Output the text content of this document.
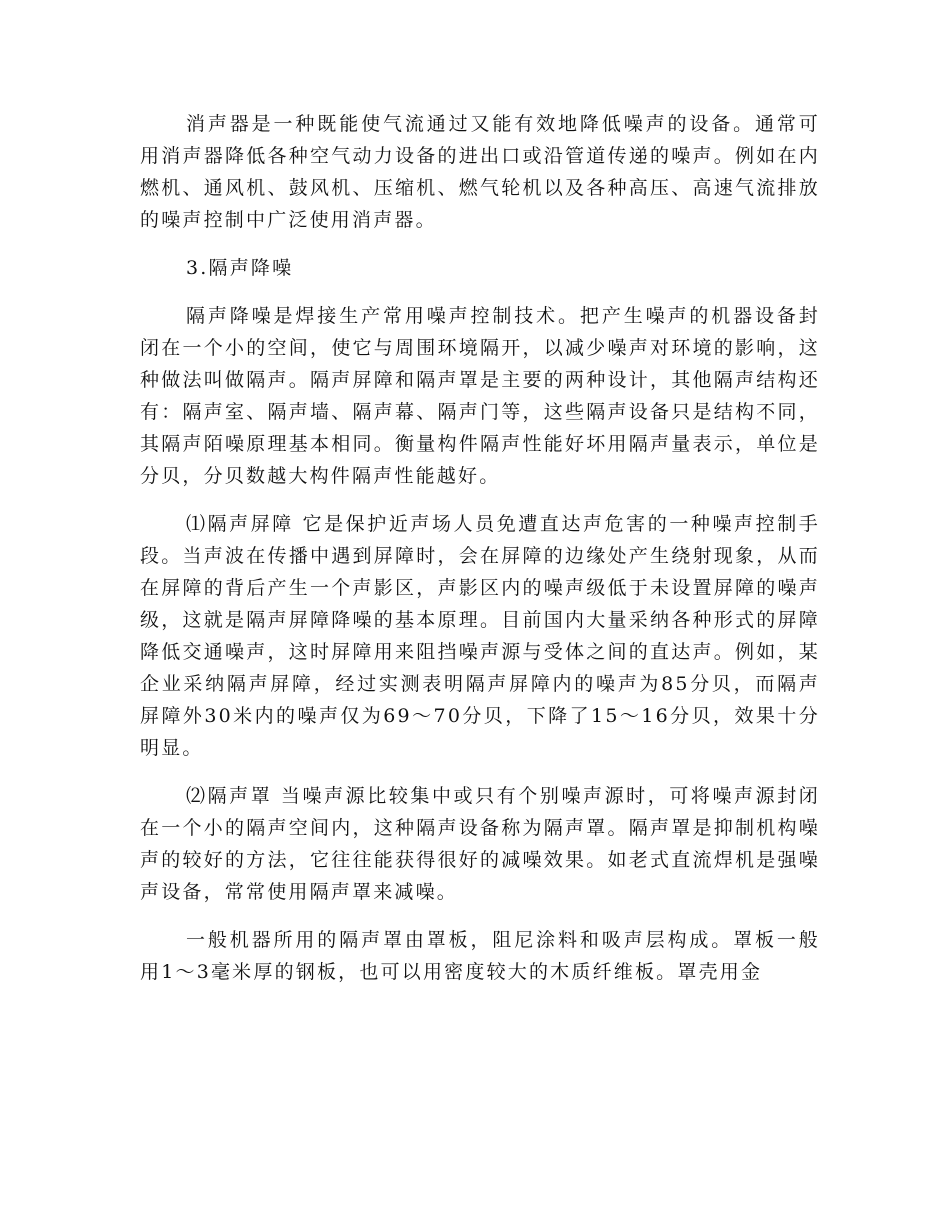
消声器是一种既能使气流通过又能有效地降低噪声的设备。通常可用消声器降低各种空气动力设备的进出口或沿管道传递的噪声。例如在内燃机、通风机、鼓风机、压缩机、燃气轮机以及各种高压、高速气流排放的噪声控制中广泛使用消声器。

3.隔声降噪

隔声降噪是焊接生产常用噪声控制技术。把产生噪声的机器设备封闭在一个小的空间，使它与周围环境隔开，以减少噪声对环境的影响，这种做法叫做隔声。隔声屏障和隔声罩是主要的两种设计，其他隔声结构还有：隔声室、隔声墙、隔声幕、隔声门等，这些隔声设备只是结构不同，其隔声陌噪原理基本相同。衡量构件隔声性能好坏用隔声量表示，单位是分贝，分贝数越大构件隔声性能越好。

⑴隔声屏障 它是保护近声场人员免遭直达声危害的一种噪声控制手段。当声波在传播中遇到屏障时，会在屏障的边缘处产生绕射现象，从而在屏障的背后产生一个声影区，声影区内的噪声级低于未设置屏障的噪声级，这就是隔声屏障降噪的基本原理。目前国内大量采纳各种形式的屏障降低交通噪声，这时屏障用来阻挡噪声源与受体之间的直达声。例如，某企业采纳隔声屏障，经过实测表明隔声屏障内的噪声为85分贝，而隔声屏障外30米内的噪声仅为69～70分贝，下降了15～16分贝，效果十分明显。

⑵隔声罩 当噪声源比较集中或只有个别噪声源时，可将噪声源封闭在一个小的隔声空间内，这种隔声设备称为隔声罩。隔声罩是抑制机构噪声的较好的方法，它往往能获得很好的减噪效果。如老式直流焊机是强噪声设备，常常使用隔声罩来减噪。

一般机器所用的隔声罩由罩板，阻尼涂料和吸声层构成。罩板一般用1～3毫米厚的钢板，也可以用密度较大的木质纤维板。罩壳用金
